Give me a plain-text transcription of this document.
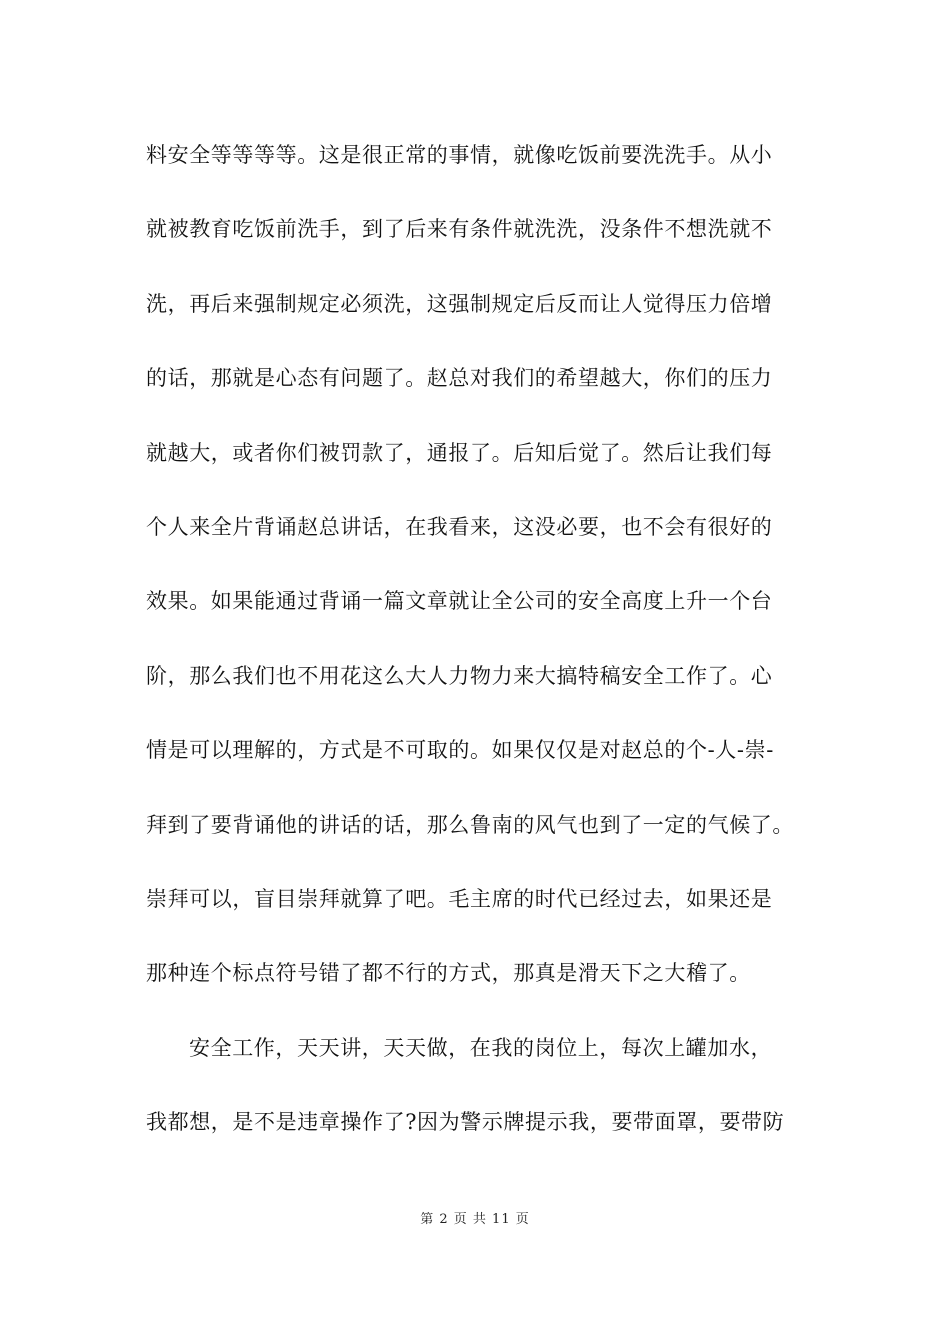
料安全等等等等。这是很正常的事情，就像吃饭前要洗洗手。从小
就被教育吃饭前洗手，到了后来有条件就洗洗，没条件不想洗就不
洗，再后来强制规定必须洗，这强制规定后反而让人觉得压力倍增
的话，那就是心态有问题了。赵总对我们的希望越大，你们的压力
就越大，或者你们被罚款了，通报了。后知后觉了。然后让我们每
个人来全片背诵赵总讲话，在我看来，这没必要，也不会有很好的
效果。如果能通过背诵一篇文章就让全公司的安全高度上升一个台
阶，那么我们也不用花这么大人力物力来大搞特稿安全工作了。心
情是可以理解的，方式是不可取的。如果仅仅是对赵总的个-人-崇-
拜到了要背诵他的讲话的话，那么鲁南的风气也到了一定的气候了。
崇拜可以，盲目崇拜就算了吧。毛主席的时代已经过去，如果还是
那种连个标点符号错了都不行的方式，那真是滑天下之大稽了。
安全工作，天天讲，天天做，在我的岗位上，每次上罐加水，
我都想，是不是违章操作了?因为警示牌提示我，要带面罩，要带防
第 2 页 共 11 页
